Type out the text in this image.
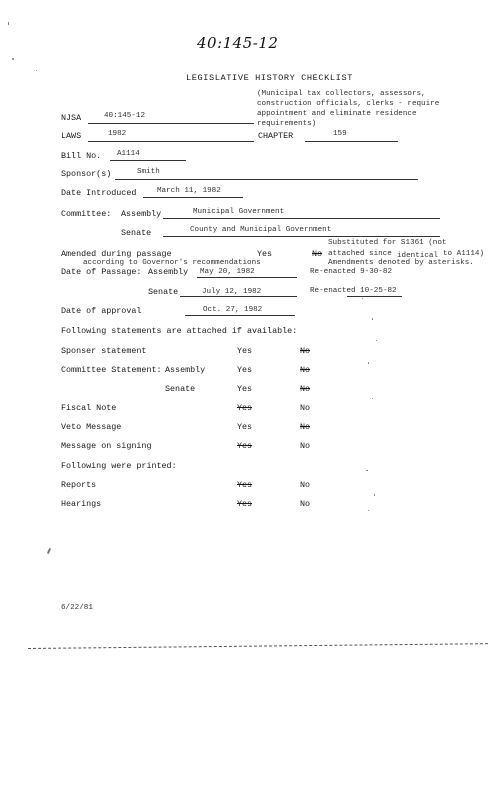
40:145-12
LEGISLATIVE HISTORY CHECKLIST
(Municipal tax collectors, assessors,
construction officials, clerks - require
appointment and eliminate residence
requirements)
NJSA	40:145-12
LAWS	1982	CHAPTER	159
Bill No. A1114
Sponsor(s)	Smith
Date Introduced	March 11, 1982
Committee: Assembly	Municipal Government
Senate	County and Municipal Government
Amended during passage	Yes	No
according to Governor's recommendations
Substituted for S1361 (not
attached since identical to A1114)
Amendments denoted by asterisks.
Date of Passage: Assembly May 20, 1982	Re-enacted 9-30-82
Senate	July 12, 1982	Re-enacted 10-25-82
Date of approval	Oct. 27, 1982
Following statements are attached if available:
Sponser statement	Yes	No
Committee Statement: Assembly	Yes	No
Senate	Yes	No
Fiscal Note	Yes	No
Veto Message	Yes	No
Message on signing	Yes	No
Following were printed:
Reports	Yes	No
Hearings	Yes	No
6/22/81
